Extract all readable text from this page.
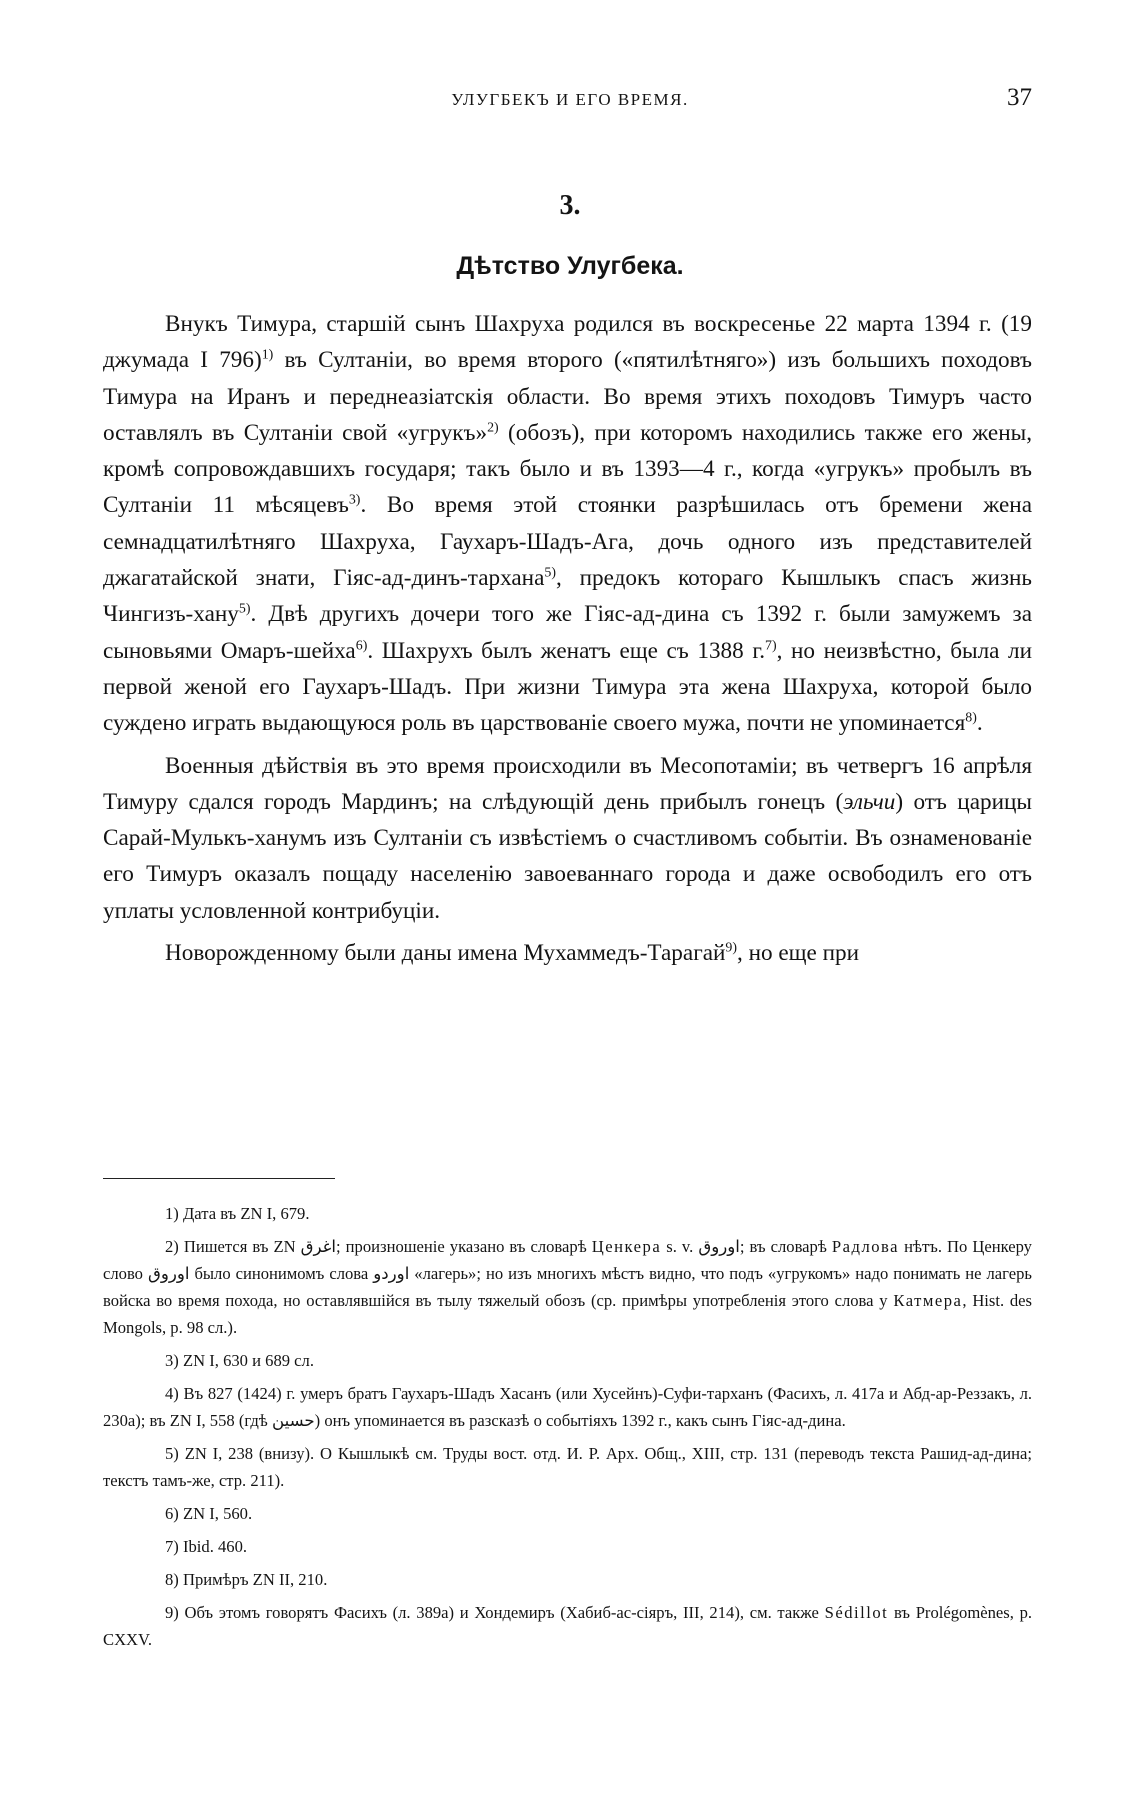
УЛУГБЕКЪ И ЕГО ВРЕМЯ.	37
3.
Дѣтство Улугбека.

Внукъ Тимура, старшій сынъ Шахруха родился въ воскресенье 22 марта 1394 г. (19 джумада I 796)$^{1)}$ въ Султаніи, во время второго («пятилѣтняго») изъ большихъ походовъ Тимура на Иранъ и переднеазіатскія области. Во время этихъ походовъ Тимуръ часто оставлялъ въ Султаніи свой «угрукъ»$^{2)}$ (обозъ), при которомъ находились также его жены, кромѣ сопровождавшихъ государя; такъ было и въ 1393—4 г., когда «угрукъ» пробылъ въ Султаніи 11 мѣсяцевъ$^{3)}$. Во время этой стоянки разрѣшилась отъ бремени жена семнадцатилѣтняго Шахруха, Гаухаръ-Шадъ-Ага, дочь одного изъ представителей джагатайской знати, Гіяс-ад-динъ-тархана$^{5)}$, предокъ котораго Кышлыкъ спасъ жизнь Чингизъ-хану$^{5)}$. Двѣ другихъ дочери того же Гіяс-ад-дина съ 1392 г. были замужемъ за сыновьями Омаръ-шейха$^{6)}$. Шахрухъ былъ женатъ еще съ 1388 г.$^{7)}$, но неизвѣстно, была ли первой женой его Гаухаръ-Шадъ. При жизни Тимура эта жена Шахруха, которой было суждено играть выдающуюся роль въ царствованіе своего мужа, почти не упоминается$^{8)}$.

Военныя дѣйствія въ это время происходили въ Месопотаміи; въ четвергъ 16 апрѣля Тимуру сдался городъ Мардинъ; на слѣдующій день прибылъ гонецъ (эльчи) отъ царицы Сарай-Мулькъ-ханумъ изъ Султаніи съ извѣстіемъ о счастливомъ событіи. Въ ознаменованіе его Тимуръ оказалъ пощаду населенію завоеваннаго города и даже освободилъ его отъ уплаты условленной контрибуціи.

Новорожденному были даны имена Мухаммедъ-Тарагай$^{9)}$, но еще при

1) Дата въ ZN I, 679.

2) Пишется въ ZN اغرق; произношеніе указано въ словарѣ Ценкера s. v. اوروق; въ словарѣ Радлова нѣтъ. По Ценкеру слово اوروق было синонимомъ слова اوردو «лагерь»; но изъ многихъ мѣстъ видно, что подъ «угрукомъ» надо понимать не лагерь войска во время похода, но оставлявшійся въ тылу тяжелый обозъ (ср. примѣры употребленія этого слова у Катмера, Hist. des Mongols, p. 98 сл.).

3) ZN I, 630 и 689 сл.

4) Въ 827 (1424) г. умеръ братъ Гаухаръ-Шадъ Хасанъ (или Хусейнъ)-Суфи-тарханъ (Фасихъ, л. 417a и Абд-ар-Реззакъ, л. 230a); въ ZN I, 558 (гдѣ حسين) онъ упоминается въ разсказѣ о событіяхъ 1392 г., какъ сынъ Гіяс-ад-дина.

5) ZN I, 238 (внизу). О Кышлыкѣ см. Труды вост. отд. И. Р. Арх. Общ., XIII, стр. 131 (переводъ текста Рашид-ад-дина; текстъ тамъ-же, стр. 211).

6) ZN I, 560.

7) Ibid. 460.

8) Примѣръ ZN II, 210.

9) Объ этомъ говорятъ Фасихъ (л. 389a) и Хондемиръ (Хабиб-ас-сіяръ, III, 214), см. также Sédillot въ Prolégomènes, p. CXXV.
